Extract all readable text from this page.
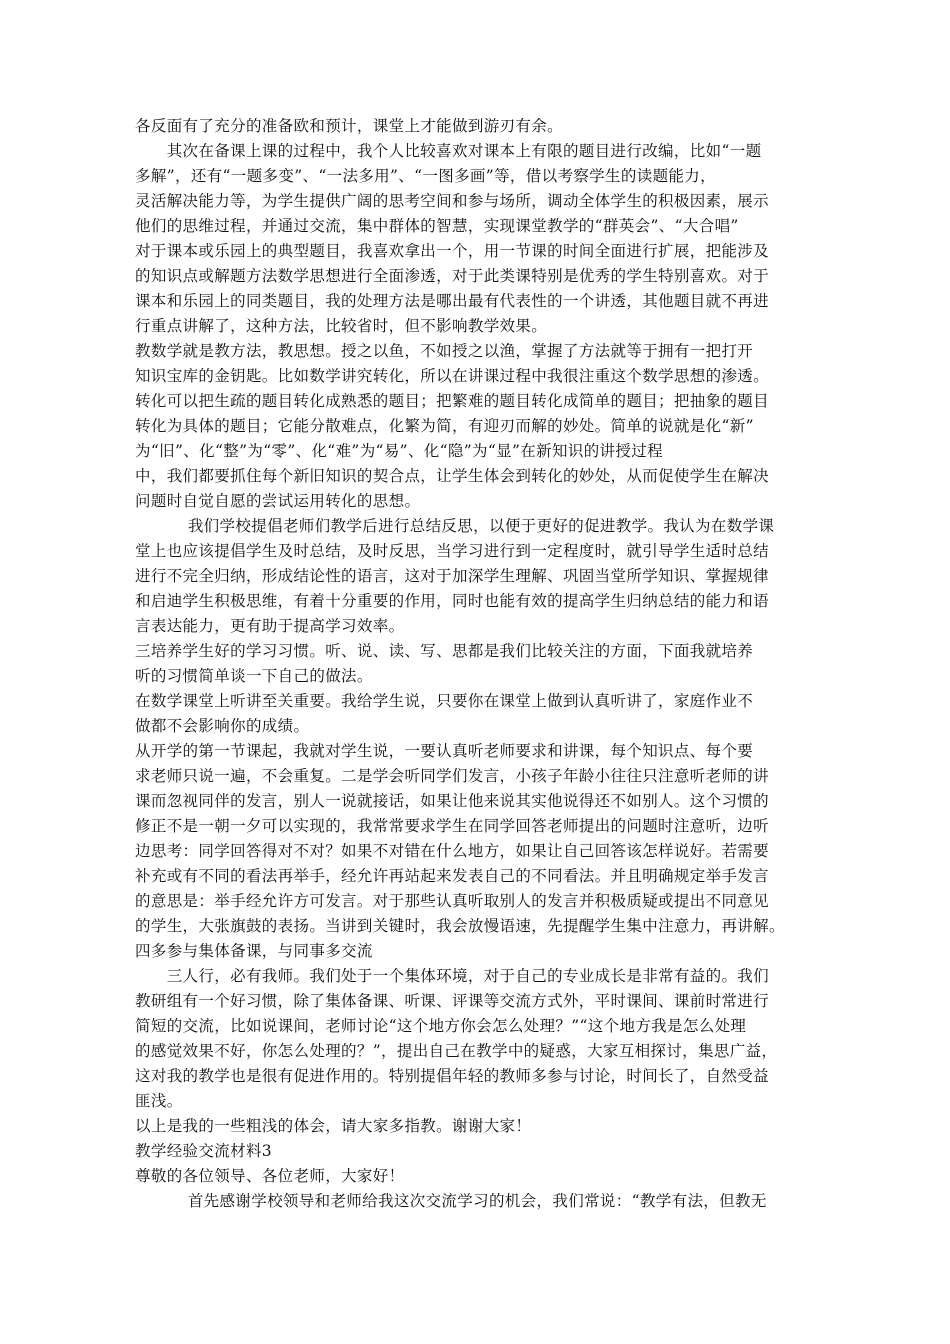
各反面有了充分的准备欧和预计，课堂上才能做到游刃有余。
　　其次在备课上课的过程中，我个人比较喜欢对课本上有限的题目进行改编，比如“一题
多解”，还有“一题多变”、“一法多用”、“一图多画”等，借以考察学生的读题能力，
灵活解决能力等，为学生提供广阔的思考空间和参与场所，调动全体学生的积极因素，展示
他们的思维过程，并通过交流，集中群体的智慧，实现课堂教学的“群英会”、“大合唱”
对于课本或乐园上的典型题目，我喜欢拿出一个，用一节课的时间全面进行扩展，把能涉及
的知识点或解题方法数学思想进行全面渗透，对于此类课特别是优秀的学生特别喜欢。对于
课本和乐园上的同类题目，我的处理方法是哪出最有代表性的一个讲透，其他题目就不再进
行重点讲解了，这种方法，比较省时，但不影响教学效果。
教数学就是教方法，教思想。授之以鱼，不如授之以渔，掌握了方法就等于拥有一把打开
知识宝库的金钥匙。比如数学讲究转化，所以在讲课过程中我很注重这个数学思想的渗透。
转化可以把生疏的题目转化成熟悉的题目；把繁难的题目转化成简单的题目；把抽象的题目
转化为具体的题目；它能分散难点，化繁为简，有迎刃而解的妙处。简单的说就是化“新”
为“旧”、化“整”为“零”、化“难”为“易”、化“隐”为“显”在新知识的讲授过程
中，我们都要抓住每个新旧知识的契合点，让学生体会到转化的妙处，从而促使学生在解决
问题时自觉自愿的尝试运用转化的思想。
　　　 我们学校提倡老师们教学后进行总结反思，以便于更好的促进教学。我认为在数学课
堂上也应该提倡学生及时总结，及时反思，当学习进行到一定程度时，就引导学生适时总结
进行不完全归纳，形成结论性的语言，这对于加深学生理解、巩固当堂所学知识、掌握规律
和启迪学生积极思维，有着十分重要的作用，同时也能有效的提高学生归纳总结的能力和语
言表达能力，更有助于提高学习效率。
三培养学生好的学习习惯。听、说、读、写、思都是我们比较关注的方面，下面我就培养
听的习惯简单谈一下自己的做法。
在数学课堂上听讲至关重要。我给学生说，只要你在课堂上做到认真听讲了，家庭作业不
做都不会影响你的成绩。
从开学的第一节课起，我就对学生说，一要认真听老师要求和讲课，每个知识点、每个要
求老师只说一遍，不会重复。二是学会听同学们发言，小孩子年龄小往往只注意听老师的讲
课而忽视同伴的发言，别人一说就接话，如果让他来说其实他说得还不如别人。这个习惯的
修正不是一朝一夕可以实现的，我常常要求学生在同学回答老师提出的问题时注意听，边听
边思考：同学回答得对不对？如果不对错在什么地方，如果让自己回答该怎样说好。若需要
补充或有不同的看法再举手，经允许再站起来发表自己的不同看法。并且明确规定举手发言
的意思是：举手经允许方可发言。对于那些认真听取别人的发言并积极质疑或提出不同意见
的学生，大张旗鼓的表扬。当讲到关键时，我会放慢语速，先提醒学生集中注意力，再讲解。
四多参与集体备课，与同事多交流
　　三人行，必有我师。我们处于一个集体环境，对于自己的专业成长是非常有益的。我们
教研组有一个好习惯，除了集体备课、听课、评课等交流方式外，平时课间、课前时常进行
简短的交流，比如说课间，老师讨论“这个地方你会怎么处理？”“这个地方我是怎么处理
的感觉效果不好，你怎么处理的？”，提出自己在教学中的疑惑，大家互相探讨，集思广益，
这对我的教学也是很有促进作用的。特别提倡年轻的教师多参与讨论，时间长了，自然受益
匪浅。
以上是我的一些粗浅的体会，请大家多指教。谢谢大家！
教学经验交流材料3
尊敬的各位领导、各位老师，大家好！
　　　 首先感谢学校领导和老师给我这次交流学习的机会，我们常说：“教学有法，但教无
